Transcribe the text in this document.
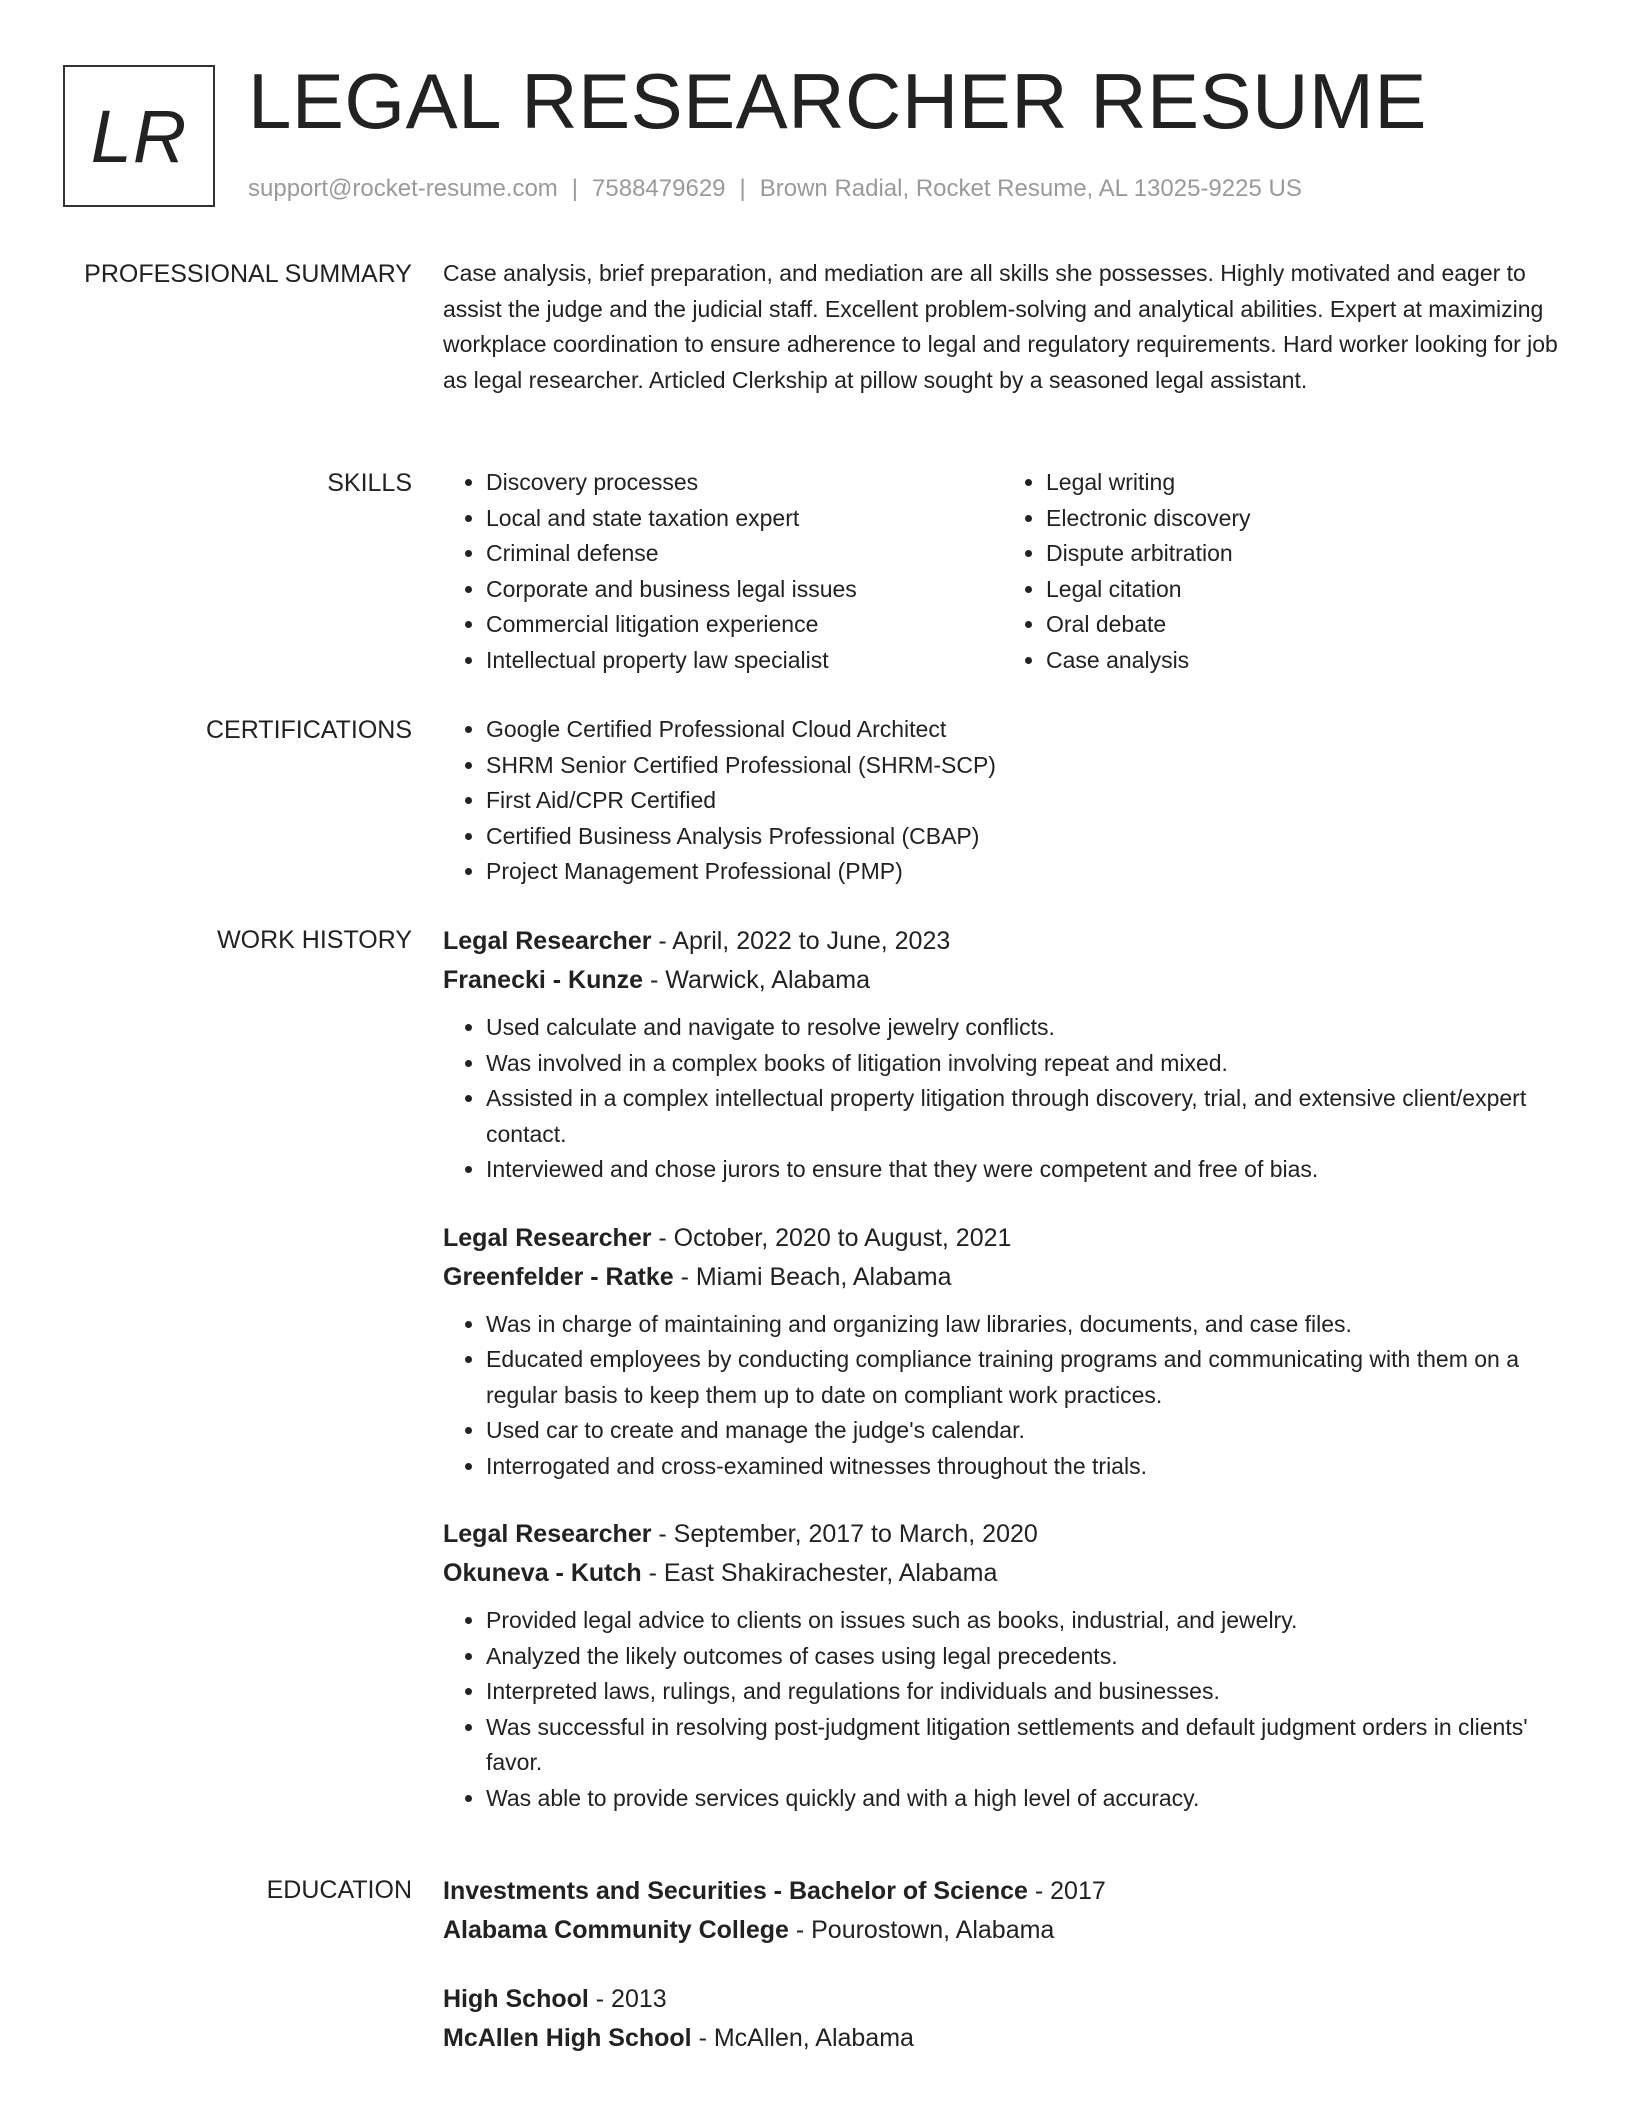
LR LEGAL RESEARCHER RESUME
support@rocket-resume.com | 7588479629 | Brown Radial, Rocket Resume, AL 13025-9225 US
PROFESSIONAL SUMMARY Case analysis, brief preparation, and mediation are all skills she possesses. Highly motivated and eager to assist the judge and the judicial staff. Excellent problem-solving and analytical abilities. Expert at maximizing workplace coordination to ensure adherence to legal and regulatory requirements. Hard worker looking for job as legal researcher. Articled Clerkship at pillow sought by a seasoned legal assistant.

SKILLS	• Discovery processes
• Local and state taxation expert
• Criminal defense
• Corporate and business legal issues
• Commercial litigation experience
• Intellectual property law specialist
• Legal writing
• Electronic discovery
• Dispute arbitration
• Legal citation
• Oral debate
• Case analysis
CERTIFICATIONS	• Google Certified Professional Cloud Architect
• SHRM Senior Certified Professional (SHRM-SCP)
• First Aid/CPR Certified
• Certified Business Analysis Professional (CBAP)
• Project Management Professional (PMP)
WORK HISTORY Legal Researcher - April, 2022 to June, 2023
Franecki - Kunze - Warwick, Alabama
• Used calculate and navigate to resolve jewelry conflicts.
• Was involved in a complex books of litigation involving repeat and mixed.
• Assisted in a complex intellectual property litigation through discovery, trial, and extensive client/expert contact.
• Interviewed and chose jurors to ensure that they were competent and free of bias.
Legal Researcher - October, 2020 to August, 2021
Greenfelder - Ratke - Miami Beach, Alabama
• Was in charge of maintaining and organizing law libraries, documents, and case files.
• Educated employees by conducting compliance training programs and communicating with them on a regular basis to keep them up to date on compliant work practices.
• Used car to create and manage the judge's calendar.
• Interrogated and cross-examined witnesses throughout the trials.
Legal Researcher - September, 2017 to March, 2020
Okuneva - Kutch - East Shakirachester, Alabama
• Provided legal advice to clients on issues such as books, industrial, and jewelry.
• Analyzed the likely outcomes of cases using legal precedents.
• Interpreted laws, rulings, and regulations for individuals and businesses.
• Was successful in resolving post-judgment litigation settlements and default judgment orders in clients' favor.
• Was able to provide services quickly and with a high level of accuracy.
EDUCATION Investments and Securities - Bachelor of Science - 2017
Alabama Community College - Pourostown, Alabama
High School - 2013
McAllen High School - McAllen, Alabama
